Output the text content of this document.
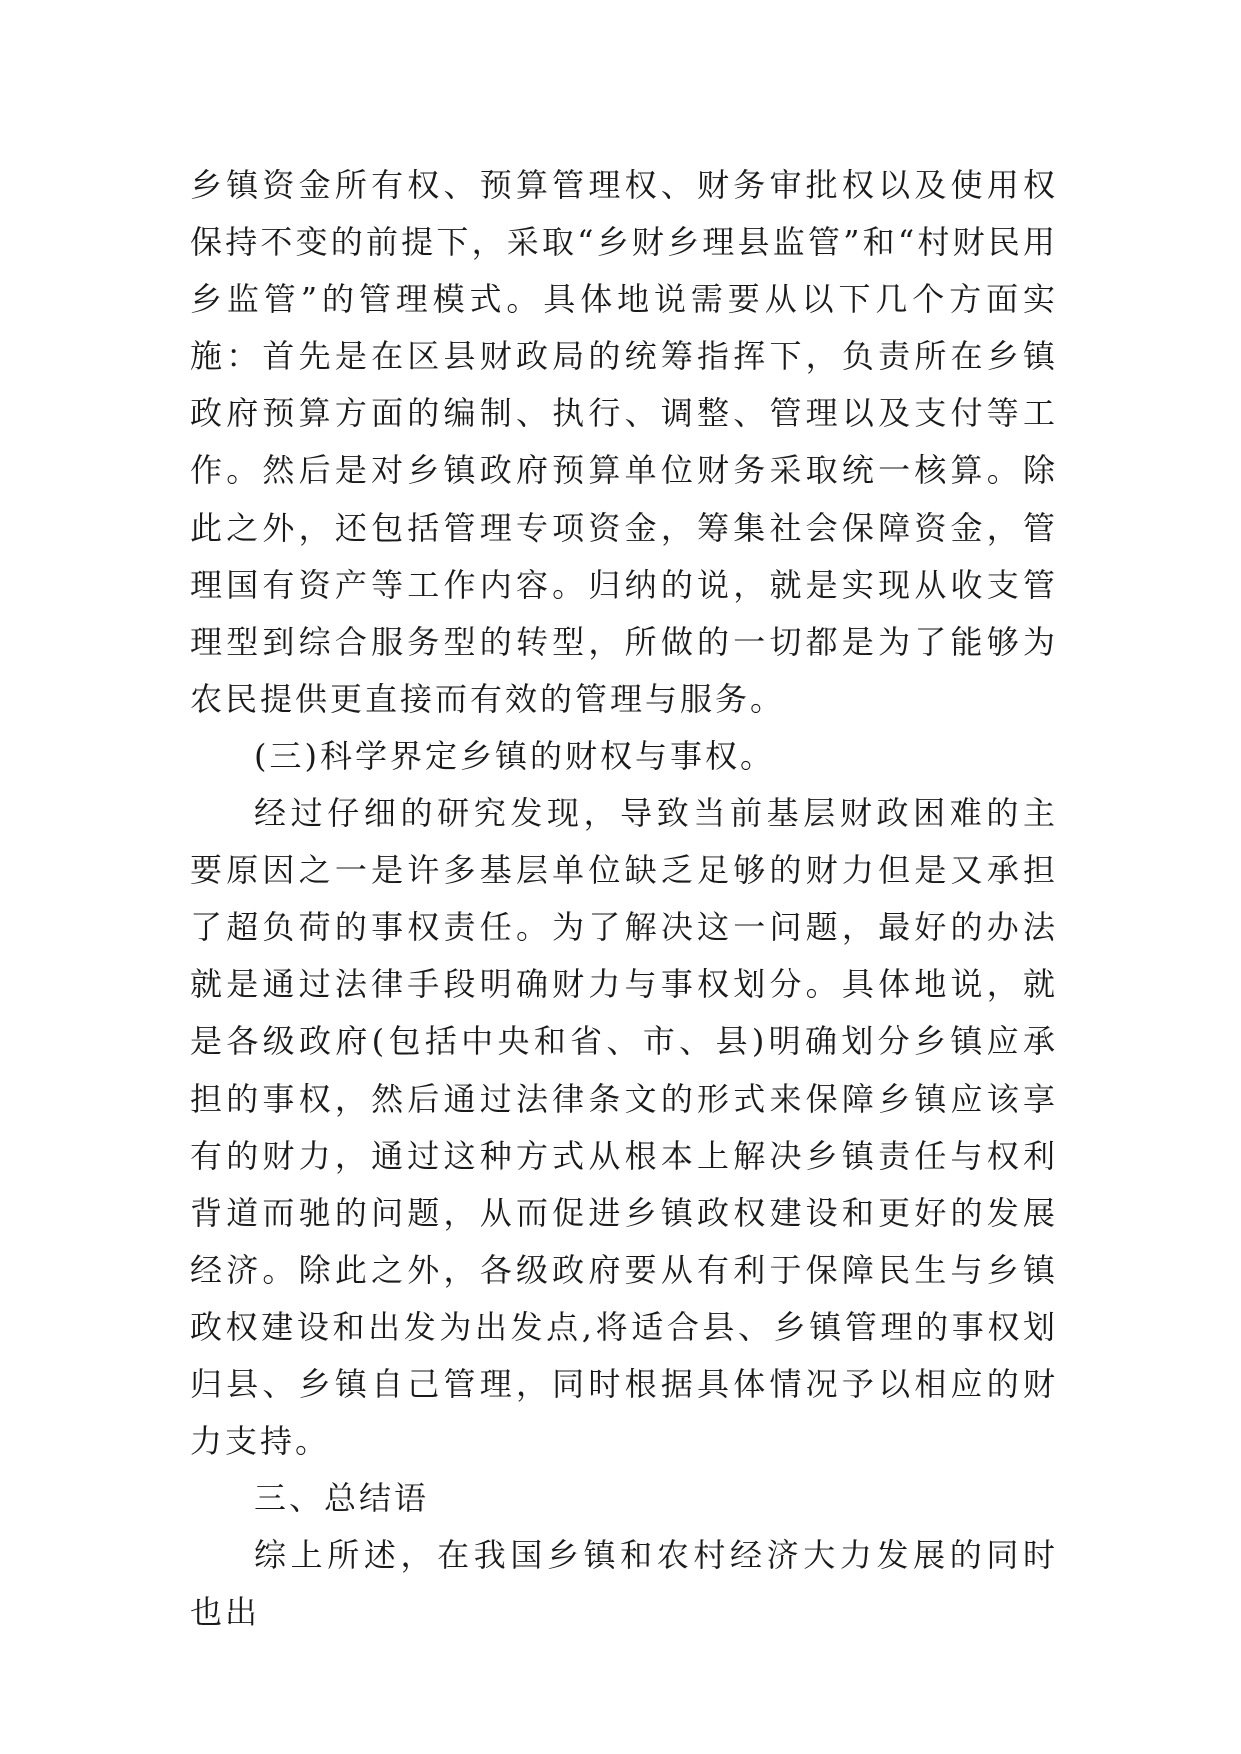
乡镇资金所有权、预算管理权、财务审批权以及使用权保持不变的前提下，采取“乡财乡理县监管”和“村财民用乡监管”的管理模式。具体地说需要从以下几个方面实施：首先是在区县财政局的统筹指挥下，负责所在乡镇政府预算方面的编制、执行、调整、管理以及支付等工作。然后是对乡镇政府预算单位财务采取统一核算。除此之外，还包括管理专项资金，筹集社会保障资金，管理国有资产等工作内容。归纳的说，就是实现从收支管理型到综合服务型的转型，所做的一切都是为了能够为农民提供更直接而有效的管理与服务。

(三)科学界定乡镇的财权与事权。

经过仔细的研究发现，导致当前基层财政困难的主要原因之一是许多基层单位缺乏足够的财力但是又承担了超负荷的事权责任。为了解决这一问题，最好的办法就是通过法律手段明确财力与事权划分。具体地说，就是各级政府(包括中央和省、市、县)明确划分乡镇应承担的事权，然后通过法律条文的形式来保障乡镇应该享有的财力，通过这种方式从根本上解决乡镇责任与权利背道而驰的问题，从而促进乡镇政权建设和更好的发展经济。除此之外，各级政府要从有利于保障民生与乡镇政权建设和出发为出发点,将适合县、乡镇管理的事权划归县、乡镇自己管理，同时根据具体情况予以相应的财力支持。

三、总结语

综上所述，在我国乡镇和农村经济大力发展的同时也出
